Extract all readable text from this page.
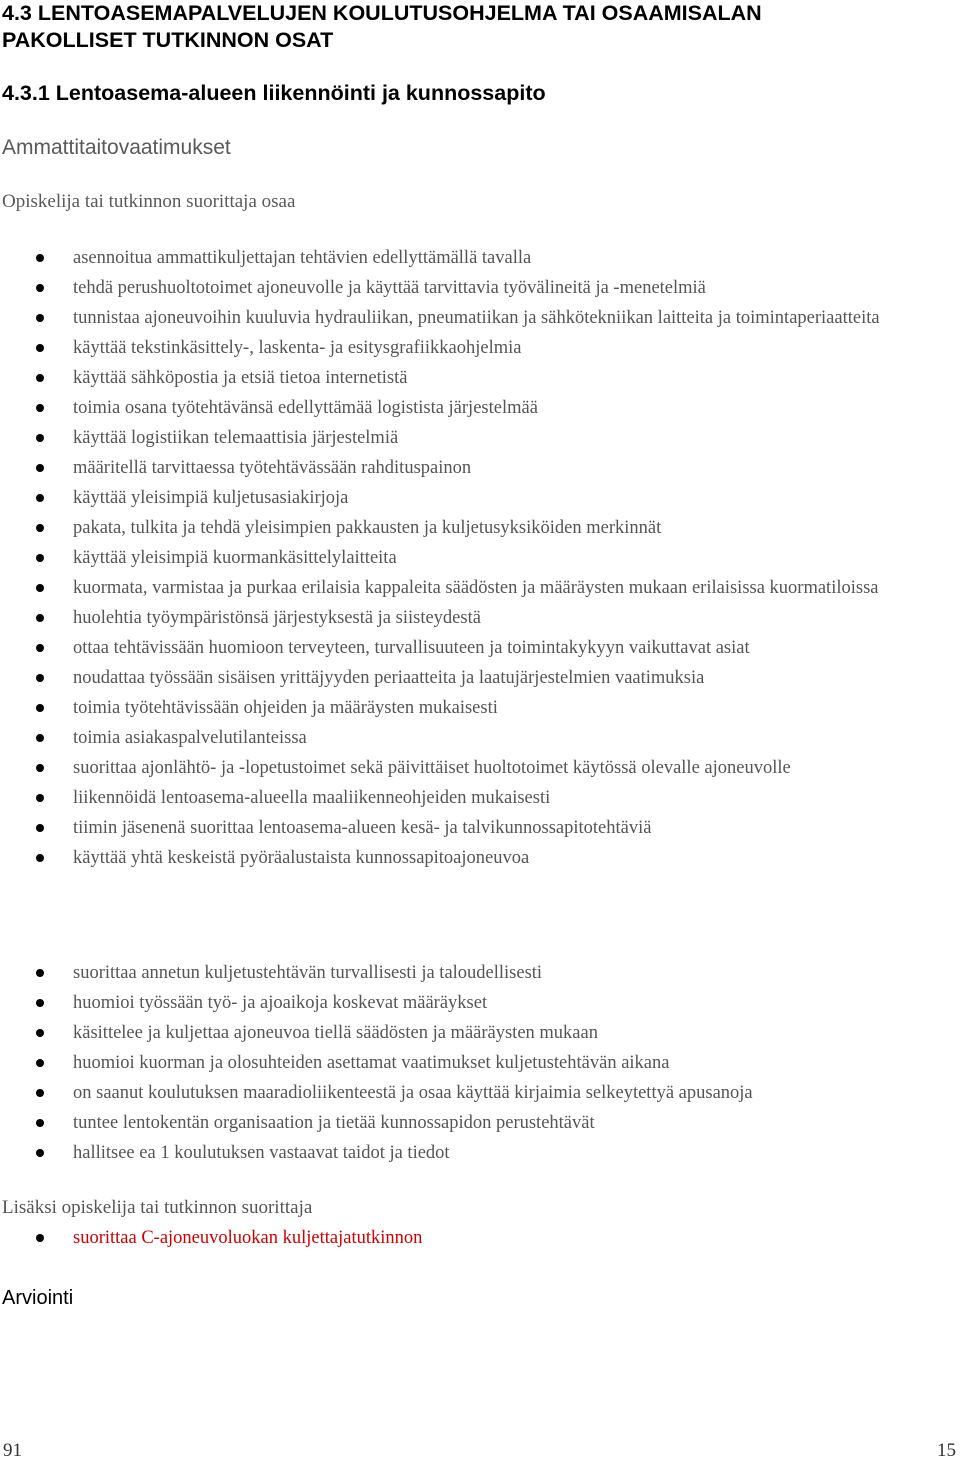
4.3 LENTOASEMAPALVELUJEN KOULUTUSOHJELMA TAI OSAAMISALAN
PAKOLLISET TUTKINNON OSAT
4.3.1 Lentoasema-alueen liikennöinti ja kunnossapito
Ammattitaitovaatimukset
Opiskelija tai tutkinnon suorittaja osaa
asennoitua ammattikuljettajan tehtävien edellyttämällä tavalla
tehdä perushuoltotoimet ajoneuvolle ja käyttää tarvittavia työvälineitä ja -menetelmiä
tunnistaa ajoneuvoihin kuuluvia hydrauliikan, pneumatiikan ja sähkötekniikan laitteita ja toimintaperiaatteita
käyttää tekstinkäsittely-, laskenta- ja esitysgrafiikkaohjelmia
käyttää sähköpostia ja etsiä tietoa internetistä
toimia osana työtehtävänsä edellyttämää logistista järjestelmää
käyttää logistiikan telemaattisia järjestelmiä
määritellä tarvittaessa työtehtävässään rahdituspainon
käyttää yleisimpiä kuljetusasiakirjoja
pakata, tulkita ja tehdä yleisimpien pakkausten ja kuljetusyksiköiden merkinnät
käyttää yleisimpiä kuormankäsittelylaitteita
kuormata, varmistaa ja purkaa erilaisia kappaleita säädösten ja määräysten mukaan erilaisissa kuormatiloissa
huolehtia työympäristönsä järjestyksestä ja siisteydestä
ottaa tehtävissään huomioon terveyteen, turvallisuuteen ja toimintakykyyn vaikuttavat asiat
noudattaa työssään sisäisen yrittäjyyden periaatteita ja laatujärjestelmien vaatimuksia
toimia työtehtävissään ohjeiden ja määräysten mukaisesti
toimia asiakaspalvelutilanteissa
suorittaa ajonlähtö- ja -lopetustoimet sekä päivittäiset huoltotoimet käytössä olevalle ajoneuvolle
liikennöidä lentoasema-alueella maaliikenneohjeiden mukaisesti
tiimin jäsenenä suorittaa lentoasema-alueen kesä- ja talvikunnossapitotehtäviä
käyttää yhtä keskeistä pyöräalustaista kunnossapitoajoneuvoa
suorittaa annetun kuljetustehtävän turvallisesti ja taloudellisesti
huomioi työssään työ- ja ajoaikoja koskevat määräykset
käsittelee ja kuljettaa ajoneuvoa tiellä säädösten ja määräysten mukaan
huomioi kuorman ja olosuhteiden asettamat vaatimukset kuljetustehtävän aikana
on saanut koulutuksen maaradioliikenteestä ja osaa käyttää kirjaimia selkeytettyä apusanoja
tuntee lentokentän organisaation ja tietää kunnossapidon perustehtävät
hallitsee ea 1 koulutuksen vastaavat taidot ja tiedot
Lisäksi opiskelija tai tutkinnon suorittaja
suorittaa C-ajoneuvoluokan kuljettajatutkinnon
Arviointi
91	15
